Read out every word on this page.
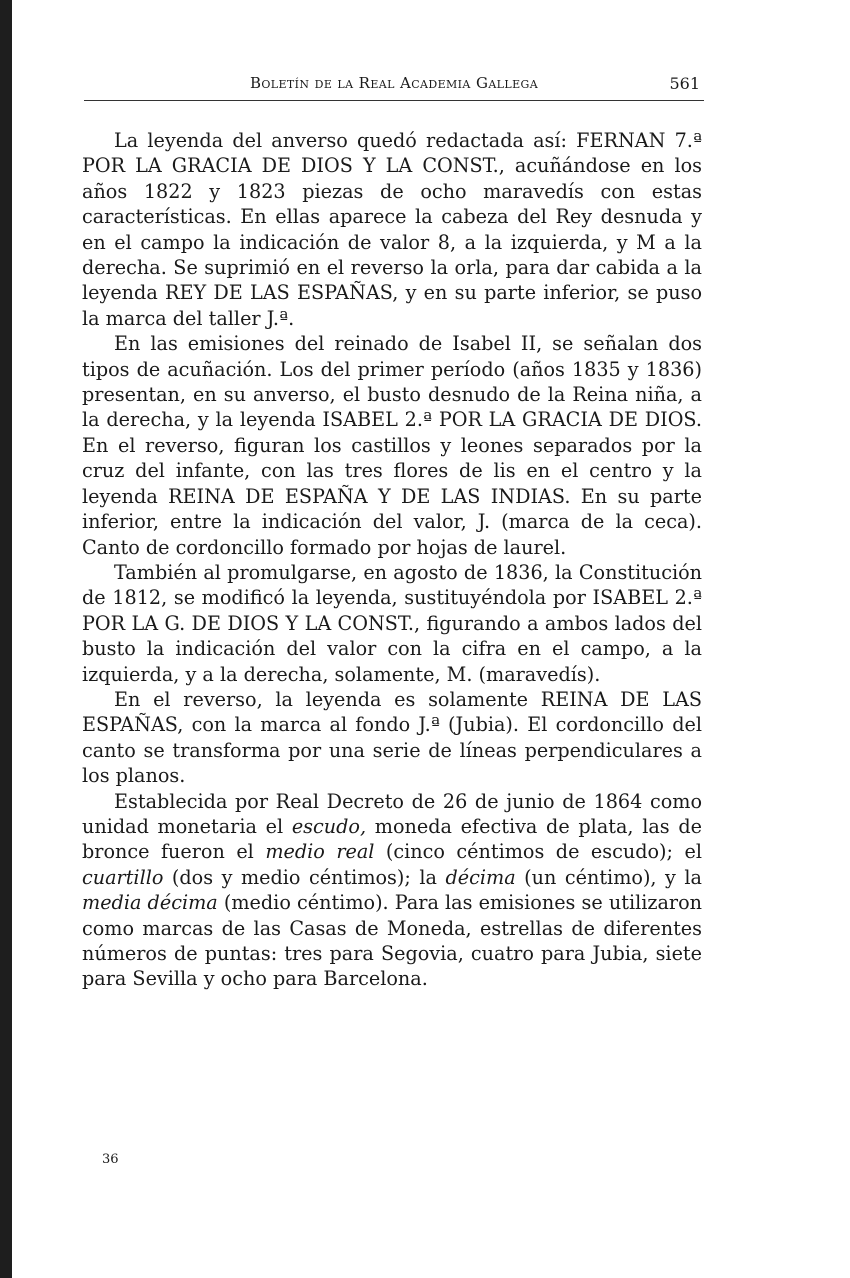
Boletín de la Real Academia Gallega	561

La leyenda del anverso quedó redactada así: FERNAN 7.ª POR LA GRACIA DE DIOS Y LA CONST., acuñándose en los años 1822 y 1823 piezas de ocho maravedís con estas características. En ellas aparece la cabeza del Rey desnuda y en el campo la indicación de valor 8, a la izquierda, y M a la derecha. Se suprimió en el reverso la orla, para dar cabida a la leyenda REY DE LAS ESPAÑAS, y en su parte inferior, se puso la marca del taller J.ª.

En las emisiones del reinado de Isabel II, se señalan dos tipos de acuñación. Los del primer período (años 1835 y 1836) presentan, en su anverso, el busto desnudo de la Reina niña, a la derecha, y la leyenda ISABEL 2.ª POR LA GRACIA DE DIOS. En el reverso, figuran los castillos y leones separados por la cruz del infante, con las tres flores de lis en el centro y la leyenda REINA DE ESPAÑA Y DE LAS INDIAS. En su parte inferior, entre la indicación del valor, J. (marca de la ceca). Canto de cordoncillo formado por hojas de laurel.

También al promulgarse, en agosto de 1836, la Constitución de 1812, se modificó la leyenda, sustituyéndola por ISABEL 2.ª POR LA G. DE DIOS Y LA CONST., figurando a ambos lados del busto la indicación del valor con la cifra en el campo, a la izquierda, y a la derecha, solamente, M. (maravedís).

En el reverso, la leyenda es solamente REINA DE LAS ESPAÑAS, con la marca al fondo J.ª (Jubia). El cordoncillo del canto se transforma por una serie de líneas perpendiculares a los planos.

Establecida por Real Decreto de 26 de junio de 1864 como unidad monetaria el escudo, moneda efectiva de plata, las de bronce fueron el medio real (cinco céntimos de escudo); el cuartillo (dos y medio céntimos); la décima (un céntimo), y la media décima (medio céntimo). Para las emisiones se utilizaron como marcas de las Casas de Moneda, estrellas de diferentes números de puntas: tres para Segovia, cuatro para Jubia, siete para Sevilla y ocho para Barcelona.

36
